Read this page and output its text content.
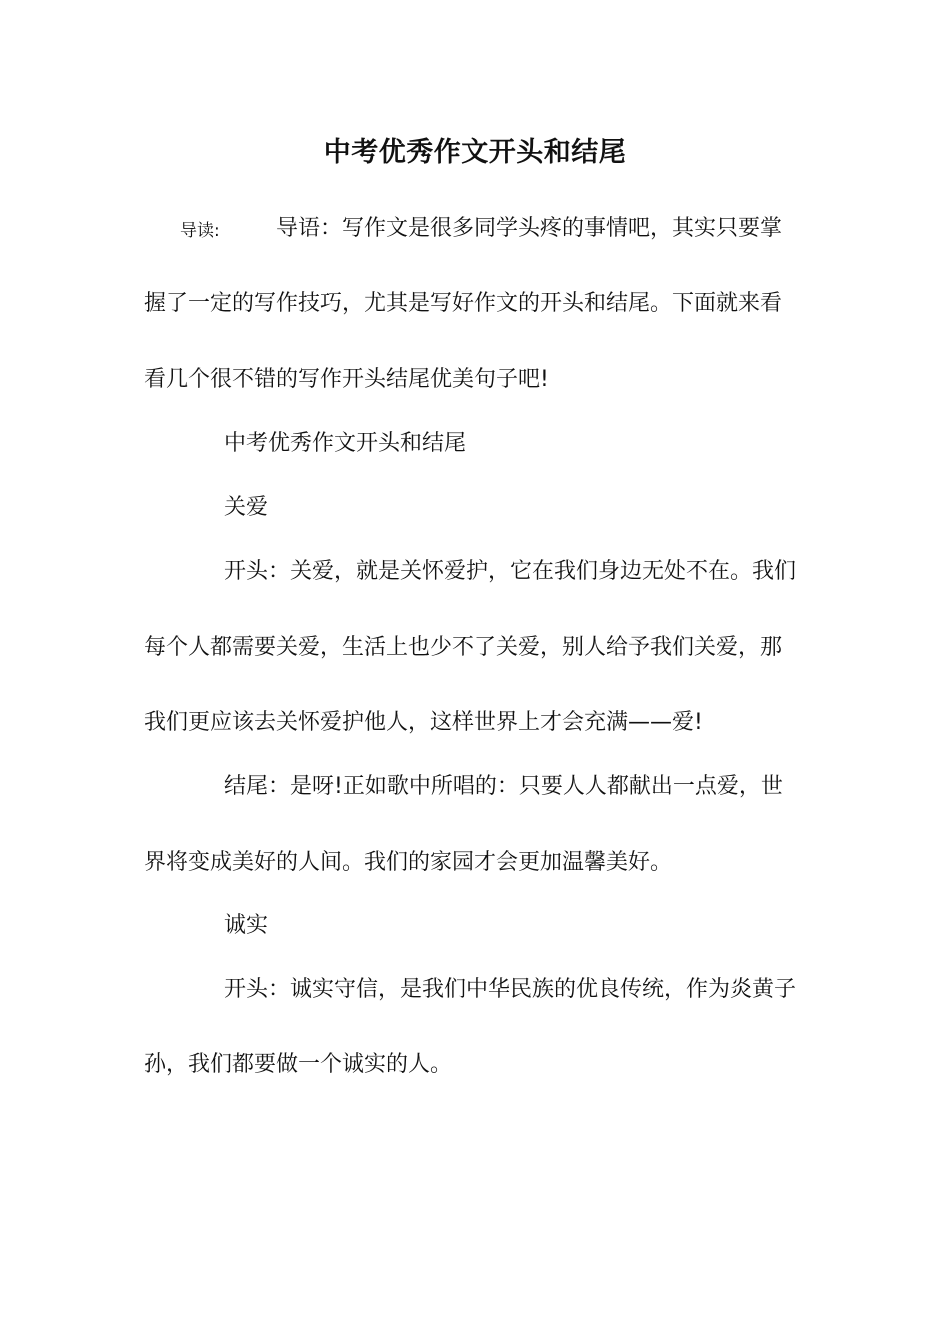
中考优秀作文开头和结尾
导读:	导语：写作文是很多同学头疼的事情吧，其实只要掌
握了一定的写作技巧，尤其是写好作文的开头和结尾。下面就来看
看几个很不错的写作开头结尾优美句子吧!
中考优秀作文开头和结尾
关爱
开头：关爱，就是关怀爱护，它在我们身边无处不在。我们
每个人都需要关爱，生活上也少不了关爱，别人给予我们关爱，那
我们更应该去关怀爱护他人，这样世界上才会充满——爱!
结尾：是呀!正如歌中所唱的：只要人人都献出一点爱，世
界将变成美好的人间。我们的家园才会更加温馨美好。
诚实
开头：诚实守信，是我们中华民族的优良传统，作为炎黄子
孙，我们都要做一个诚实的人。
